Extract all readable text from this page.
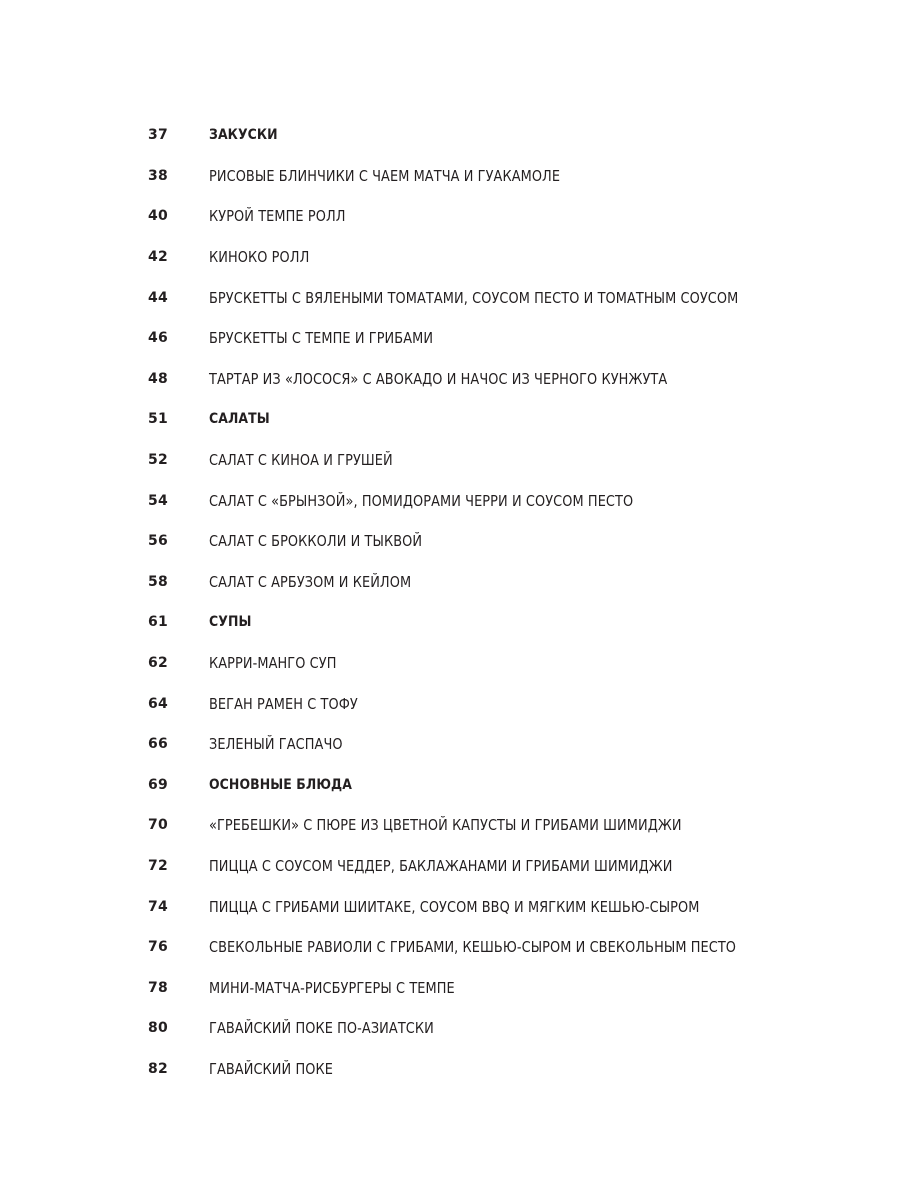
37	ЗАКУСКИ
38	РИСОВЫЕ БЛИНЧИКИ С ЧАЕМ МАТЧА И ГУАКАМОЛЕ
40	КУРОЙ ТЕМПЕ РОЛЛ
42	КИНОКО РОЛЛ
44	БРУСКЕТТЫ С ВЯЛЕНЫМИ ТОМАТАМИ, СОУСОМ ПЕСТО И ТОМАТНЫМ СОУСОМ
46	БРУСКЕТТЫ С ТЕМПЕ И ГРИБАМИ
48	ТАРТАР ИЗ «ЛОСОСЯ» С АВОКАДО И НАЧОС ИЗ ЧЕРНОГО КУНЖУТА
51	САЛАТЫ
52	САЛАТ С КИНОА И ГРУШЕЙ
54	САЛАТ С «БРЫНЗОЙ», ПОМИДОРАМИ ЧЕРРИ И СОУСОМ ПЕСТО
56	САЛАТ С БРОККОЛИ И ТЫКВОЙ
58	САЛАТ С АРБУЗОМ И КЕЙЛОМ
61	СУПЫ
62	КАРРИ-МАНГО СУП
64	ВЕГАН РАМЕН С ТОФУ
66	ЗЕЛЕНЫЙ ГАСПАЧО
69	ОСНОВНЫЕ БЛЮДА
70	«ГРЕБЕШКИ» С ПЮРЕ ИЗ ЦВЕТНОЙ КАПУСТЫ И ГРИБАМИ ШИМИДЖИ
72	ПИЦЦА С СОУСОМ ЧЕДДЕР, БАКЛАЖАНАМИ И ГРИБАМИ ШИМИДЖИ
74	ПИЦЦА С ГРИБАМИ ШИИТАКЕ, СОУСОМ BBQ И МЯГКИМ КЕШЬЮ-СЫРОМ
76	СВЕКОЛЬНЫЕ РАВИОЛИ С ГРИБАМИ, КЕШЬЮ-СЫРОМ И СВЕКОЛЬНЫМ ПЕСТО
78	МИНИ-МАТЧА-РИСБУРГЕРЫ С ТЕМПЕ
80	ГАВАЙСКИЙ ПОКЕ ПО-АЗИАТСКИ
82	ГАВАЙСКИЙ ПОКЕ
